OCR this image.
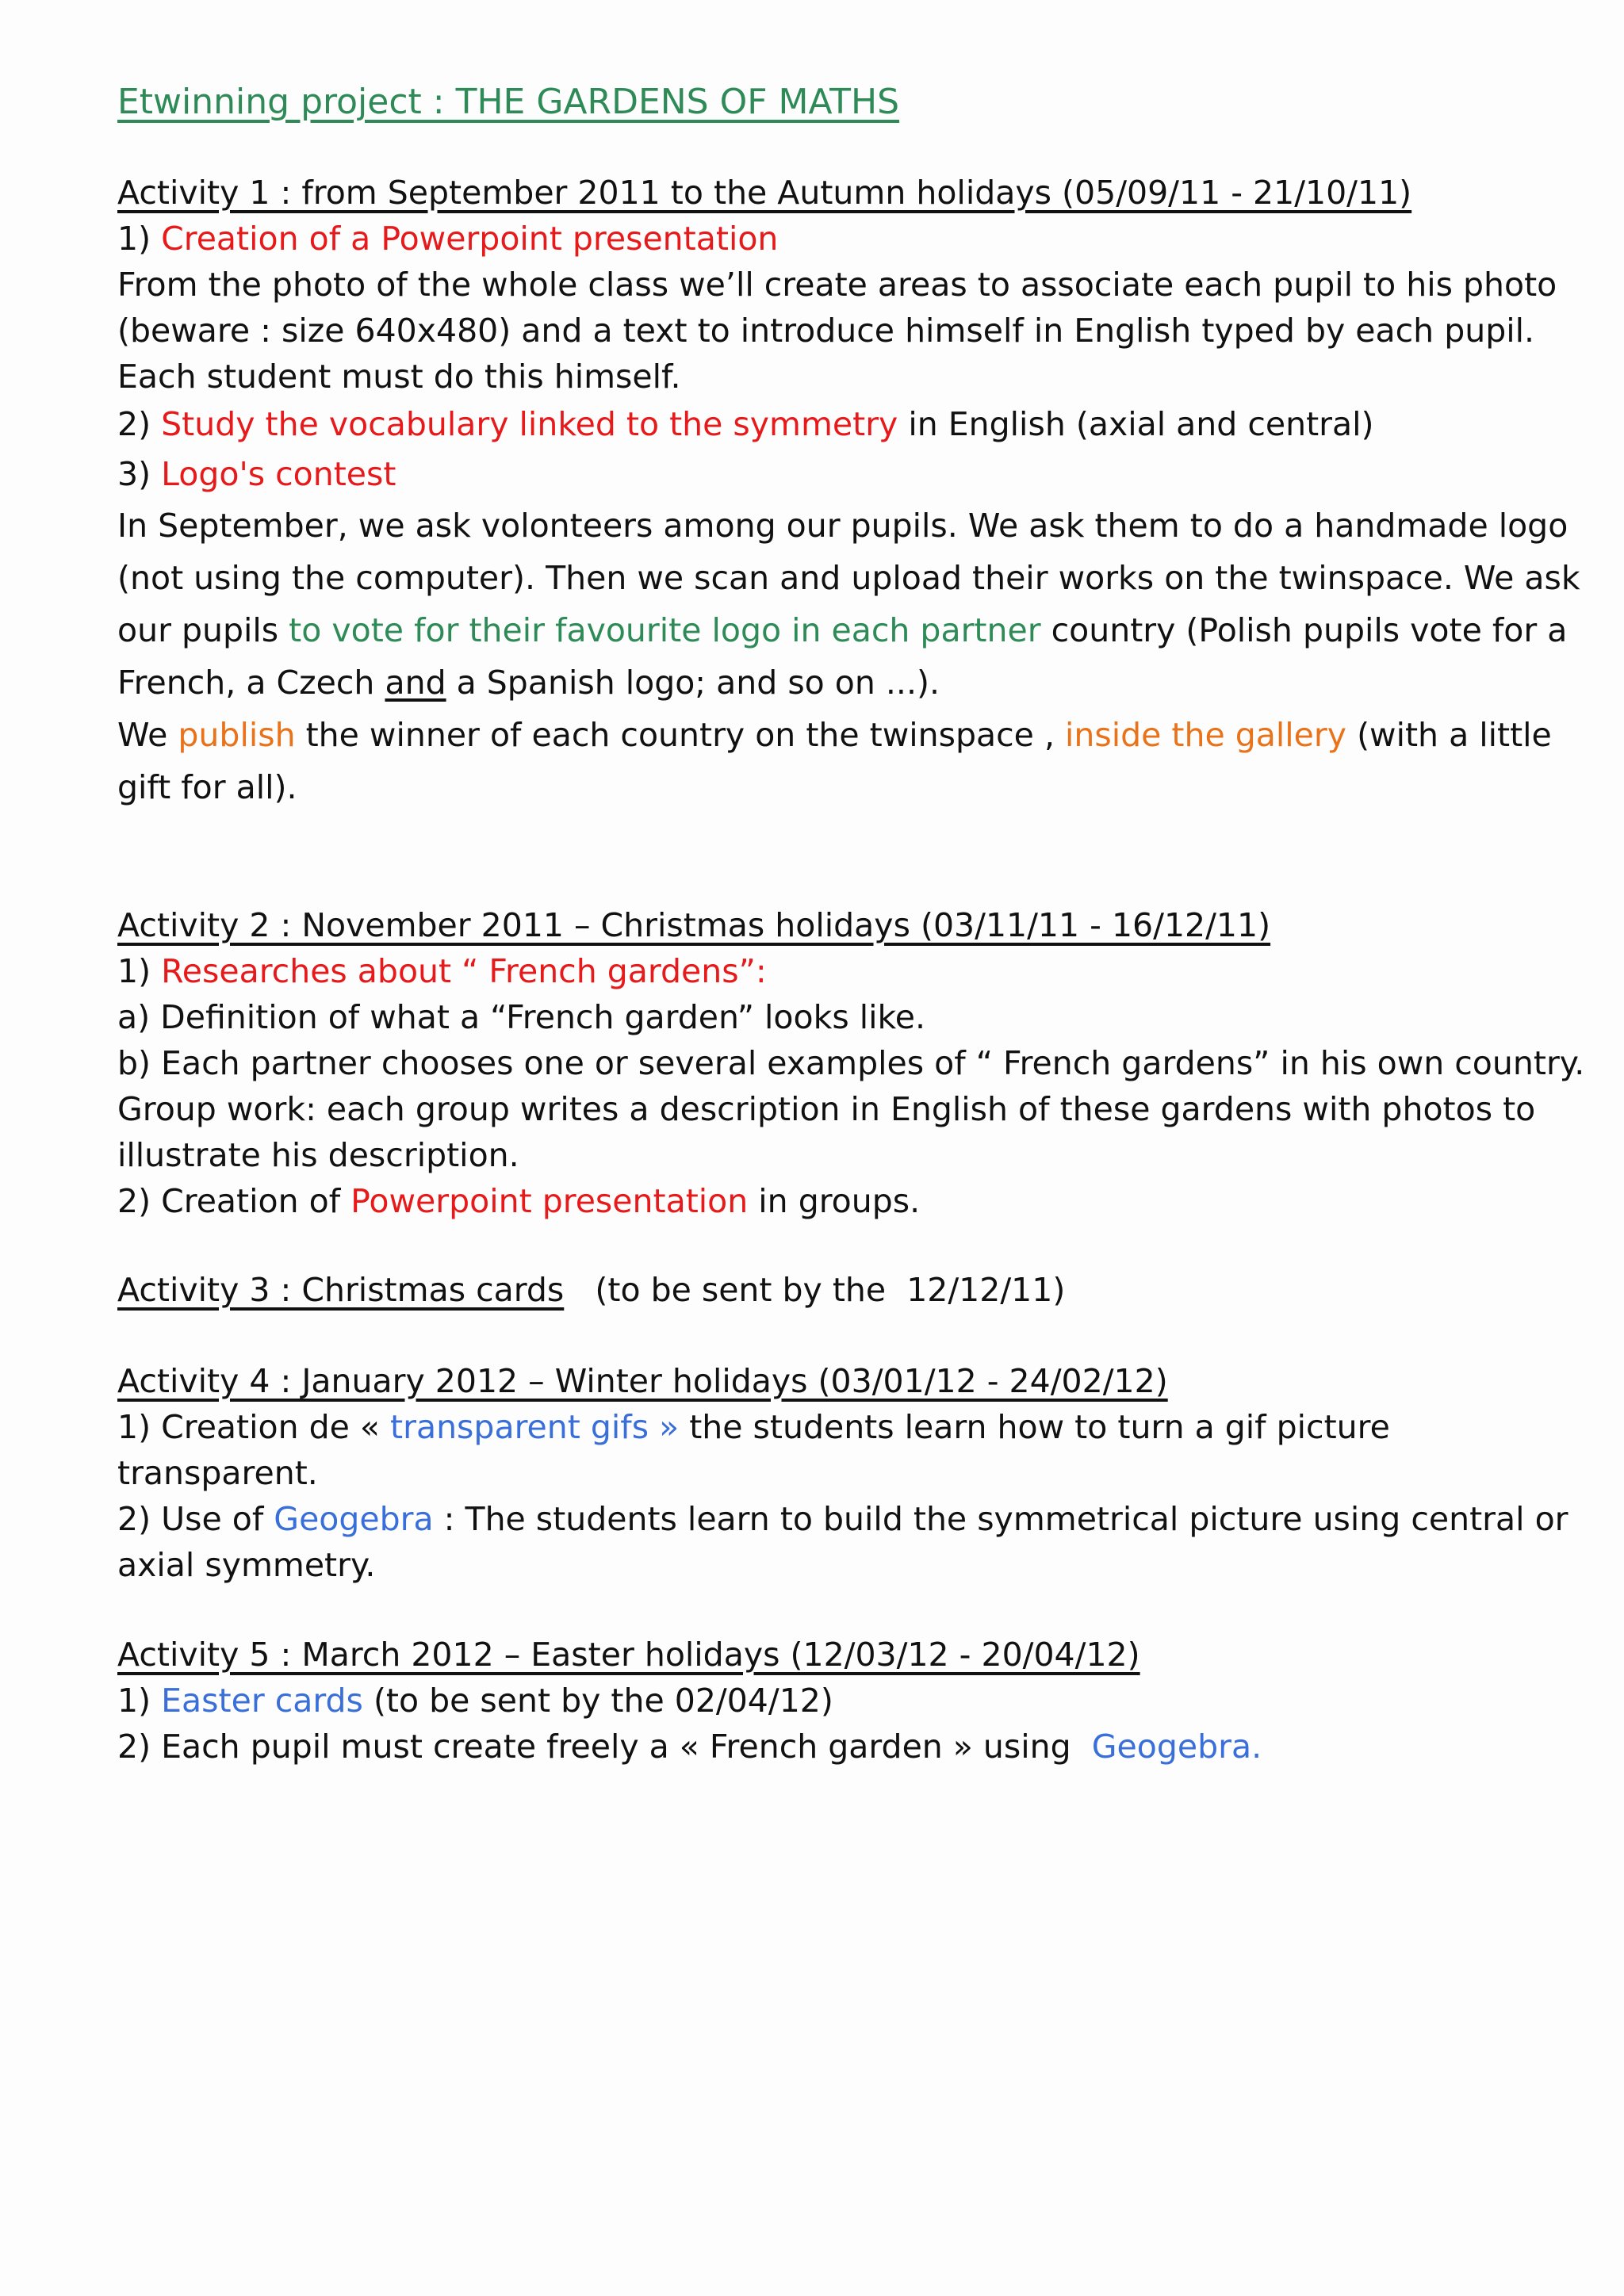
Etwinning project : THE GARDENS OF MATHS

Activity 1 : from September 2011 to the Autumn holidays (05/09/11 - 21/10/11)

1) Creation of a Powerpoint presentation

From the photo of the whole class we’ll create areas to associate each pupil to his photo

(beware : size 640x480) and a text to introduce himself in English typed by each pupil.

Each student must do this himself.

2) Study the vocabulary linked to the symmetry in English (axial and central)

3) Logo's contest

In September, we ask volonteers among our pupils. We ask them to do a handmade logo

(not using the computer). Then we scan and upload their works on the twinspace. We ask

our pupils to vote for their favourite logo in each partner country (Polish pupils vote for a

French, a Czech and a Spanish logo; and so on ...).

We publish the winner of each country on the twinspace , inside the gallery (with a little

gift for all).

Activity 2 : November 2011 – Christmas holidays (03/11/11 - 16/12/11)

1) Researches about “ French gardens”:

a) Definition of what a “French garden” looks like.

b) Each partner chooses one or several examples of “ French gardens” in his own country.

Group work: each group writes a description in English of these gardens with photos to

illustrate his description.

2) Creation of Powerpoint presentation in groups.

Activity 3 : Christmas cards   (to be sent by the  12/12/11)

Activity 4 : January 2012 – Winter holidays (03/01/12 - 24/02/12)

1) Creation de « transparent gifs » the students learn how to turn a gif picture

transparent.

2) Use of Geogebra : The students learn to build the symmetrical picture using central or

axial symmetry.

Activity 5 : March 2012 – Easter holidays (12/03/12 - 20/04/12)

1) Easter cards (to be sent by the 02/04/12)

2) Each pupil must create freely a « French garden » using  Geogebra.
